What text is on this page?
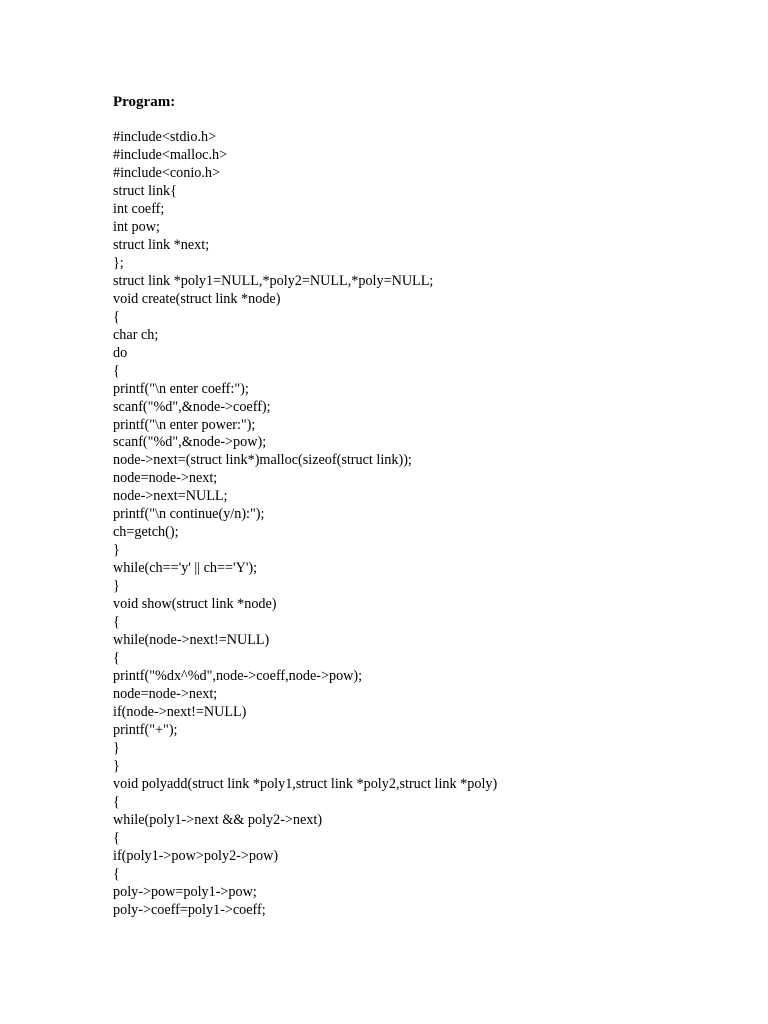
Program:
#include<stdio.h>
#include<malloc.h>
#include<conio.h>
struct link{
int coeff;
int pow;
struct link *next;
};
struct link *poly1=NULL,*poly2=NULL,*poly=NULL;
void create(struct link *node)
{
char ch;
do
{
printf("\n enter coeff:");
scanf("%d",&node->coeff);
printf("\n enter power:");
scanf("%d",&node->pow);
node->next=(struct link*)malloc(sizeof(struct link));
node=node->next;
node->next=NULL;
printf("\n continue(y/n):");
ch=getch();
}
while(ch=='y' || ch=='Y');
}
void show(struct link *node)
{
while(node->next!=NULL)
{
printf("%dx^%d",node->coeff,node->pow);
node=node->next;
if(node->next!=NULL)
printf("+");
}
}
void polyadd(struct link *poly1,struct link *poly2,struct link *poly)
{
while(poly1->next && poly2->next)
{
if(poly1->pow>poly2->pow)
{
poly->pow=poly1->pow;
poly->coeff=poly1->coeff;
